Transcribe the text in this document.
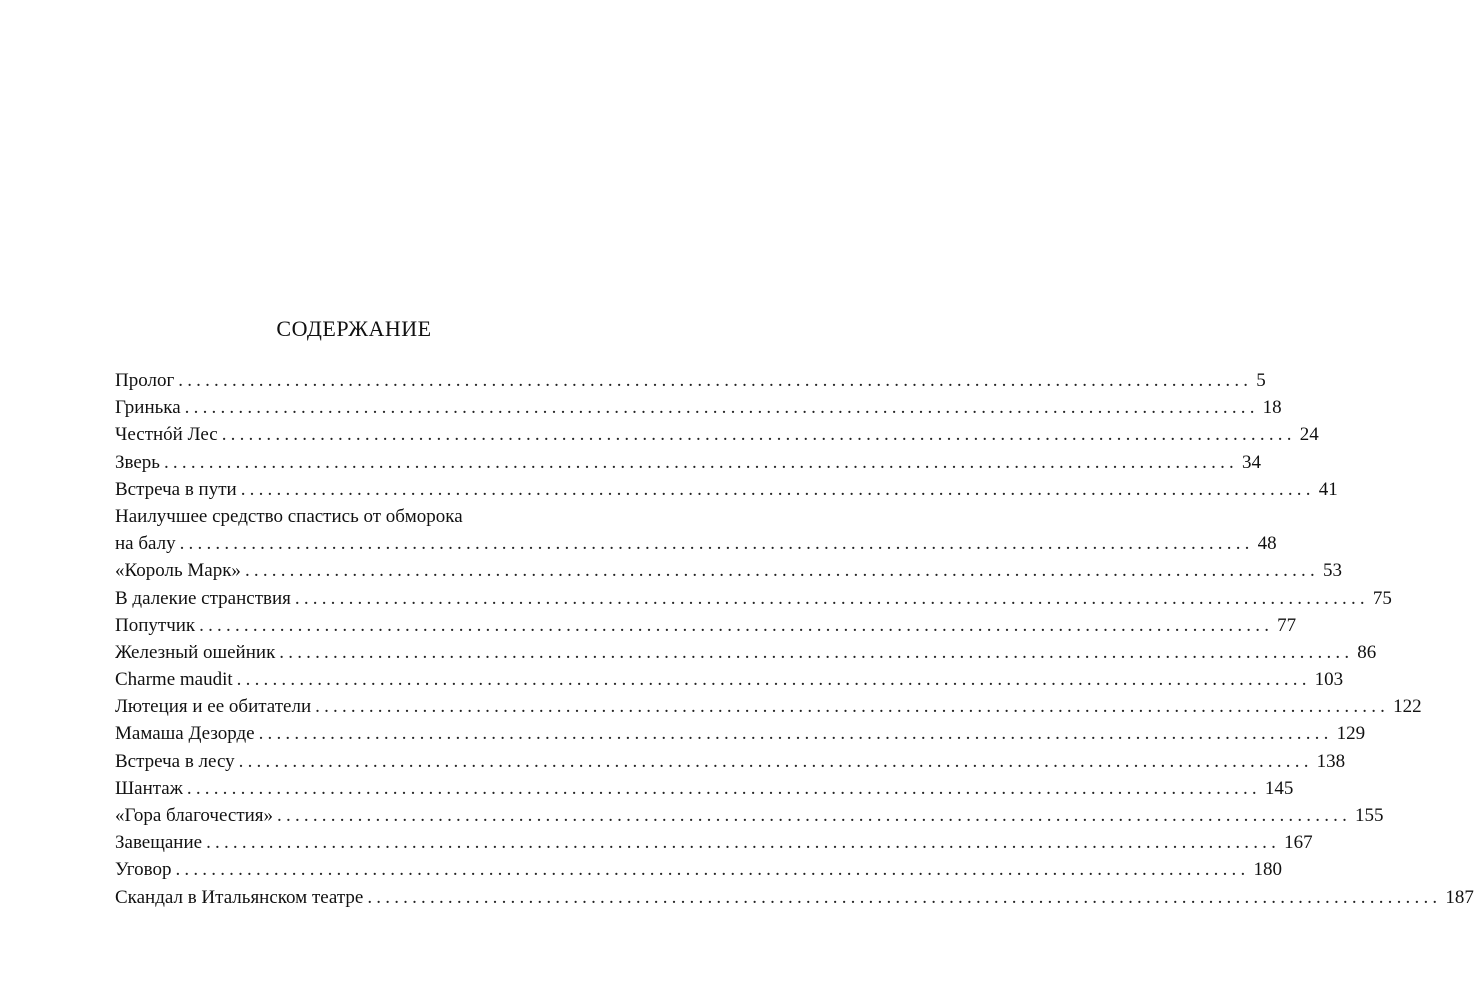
СОДЕРЖАНИЕ
Пролог ........................................................................................................................ 5
Гринька ........................................................................................................................ 18
Честнóй Лес ........................................................................................................................ 24
Зверь ........................................................................................................................ 34
Встреча в пути ........................................................................................................................ 41
Наилучшее средство спастись от обморока
на балу ........................................................................................................................ 48
«Король Марк» ........................................................................................................................ 53
В далекие странствия ........................................................................................................................ 75
Попутчик ........................................................................................................................ 77
Железный ошейник ........................................................................................................................ 86
Charme maudit ........................................................................................................................ 103
Лютеция и ее обитатели ........................................................................................................................ 122
Мамаша Дезорде ........................................................................................................................ 129
Встреча в лесу ........................................................................................................................ 138
Шантаж ........................................................................................................................ 145
«Гора благочестия» ........................................................................................................................ 155
Завещание ........................................................................................................................ 167
Уговор ........................................................................................................................ 180
Скандал в Итальянском театре ........................................................................................................................ 187
